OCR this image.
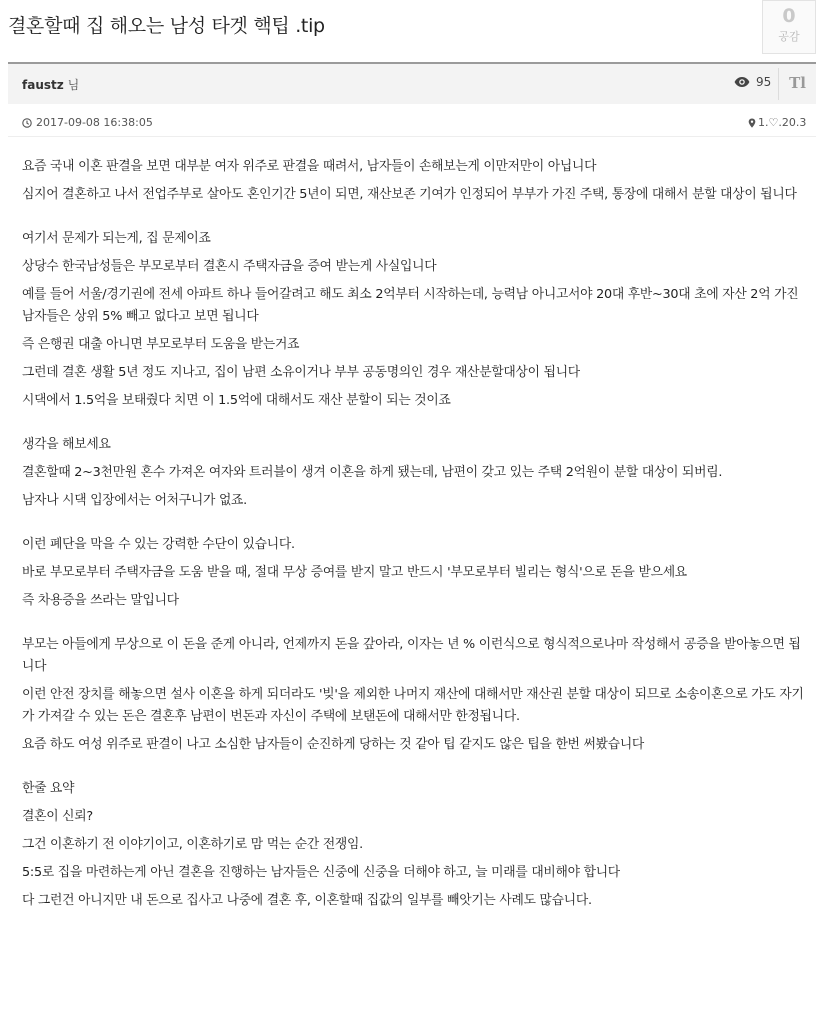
결혼할때 집 해오는 남성 타겟 핵팁 .tip	0
공감
faustz 님	95	Tl
2017-09-08 16:38:05	1.♡.20.3

요즘 국내 이혼 판결을 보면 대부분 여자 위주로 판결을 때려서, 남자들이 손해보는게 이만저만이 아닙니다

심지어 결혼하고 나서 전업주부로 살아도 혼인기간 5년이 되면, 재산보존 기여가 인정되어 부부가 가진 주택, 통장에 대해서 분할 대상이 됩니다

여기서 문제가 되는게, 집 문제이죠

상당수 한국남성들은 부모로부터 결혼시 주택자금을 증여 받는게 사실입니다

예를 들어 서울/경기권에 전세 아파트 하나 들어갈려고 해도 최소 2억부터 시작하는데, 능력남 아니고서야 20대 후반~30대 초에 자산 2억 가진 남자들은 상위 5% 빼고 없다고 보면 됩니다

즉 은행권 대출 아니면 부모로부터 도움을 받는거죠

그런데 결혼 생활 5년 정도 지나고, 집이 남편 소유이거나 부부 공동명의인 경우 재산분할대상이 됩니다

시댁에서 1.5억을 보태줬다 치면 이 1.5억에 대해서도 재산 분할이 되는 것이죠

생각을 해보세요

결혼할때 2~3천만원 혼수 가져온 여자와 트러블이 생겨 이혼을 하게 됐는데, 남편이 갖고 있는 주택 2억원이 분할 대상이 되버림.

남자나 시댁 입장에서는 어처구니가 없죠.

이런 폐단을 막을 수 있는 강력한 수단이 있습니다.

바로 부모로부터 주택자금을 도움 받을 때, 절대 무상 증여를 받지 말고 반드시 '부모로부터 빌리는 형식'으로 돈을 받으세요

즉 차용증을 쓰라는 말입니다

부모는 아들에게 무상으로 이 돈을 준게 아니라, 언제까지 돈을 갚아라, 이자는 년 % 이런식으로 형식적으로나마 작성해서 공증을 받아놓으면 됩니다

이런 안전 장치를 해놓으면 설사 이혼을 하게 되더라도 '빚'을 제외한 나머지 재산에 대해서만 재산권 분할 대상이 되므로 소송이혼으로 가도 자기가 가져갈 수 있는 돈은 결혼후 남편이 번돈과 자신이 주택에 보탠돈에 대해서만 한정됩니다.

요즘 하도 여성 위주로 판결이 나고 소심한 남자들이 순진하게 당하는 것 같아 팁 같지도 않은 팁을 한번 써봤습니다

한줄 요약

결혼이 신뢰?

그건 이혼하기 전 이야기이고, 이혼하기로 맘 먹는 순간 전쟁임.

5:5로 집을 마련하는게 아닌 결혼을 진행하는 남자들은 신중에 신중을 더해야 하고, 늘 미래를 대비해야 합니다

다 그런건 아니지만 내 돈으로 집사고 나중에 결혼 후, 이혼할때 집값의 일부를 빼앗기는 사례도 많습니다.
